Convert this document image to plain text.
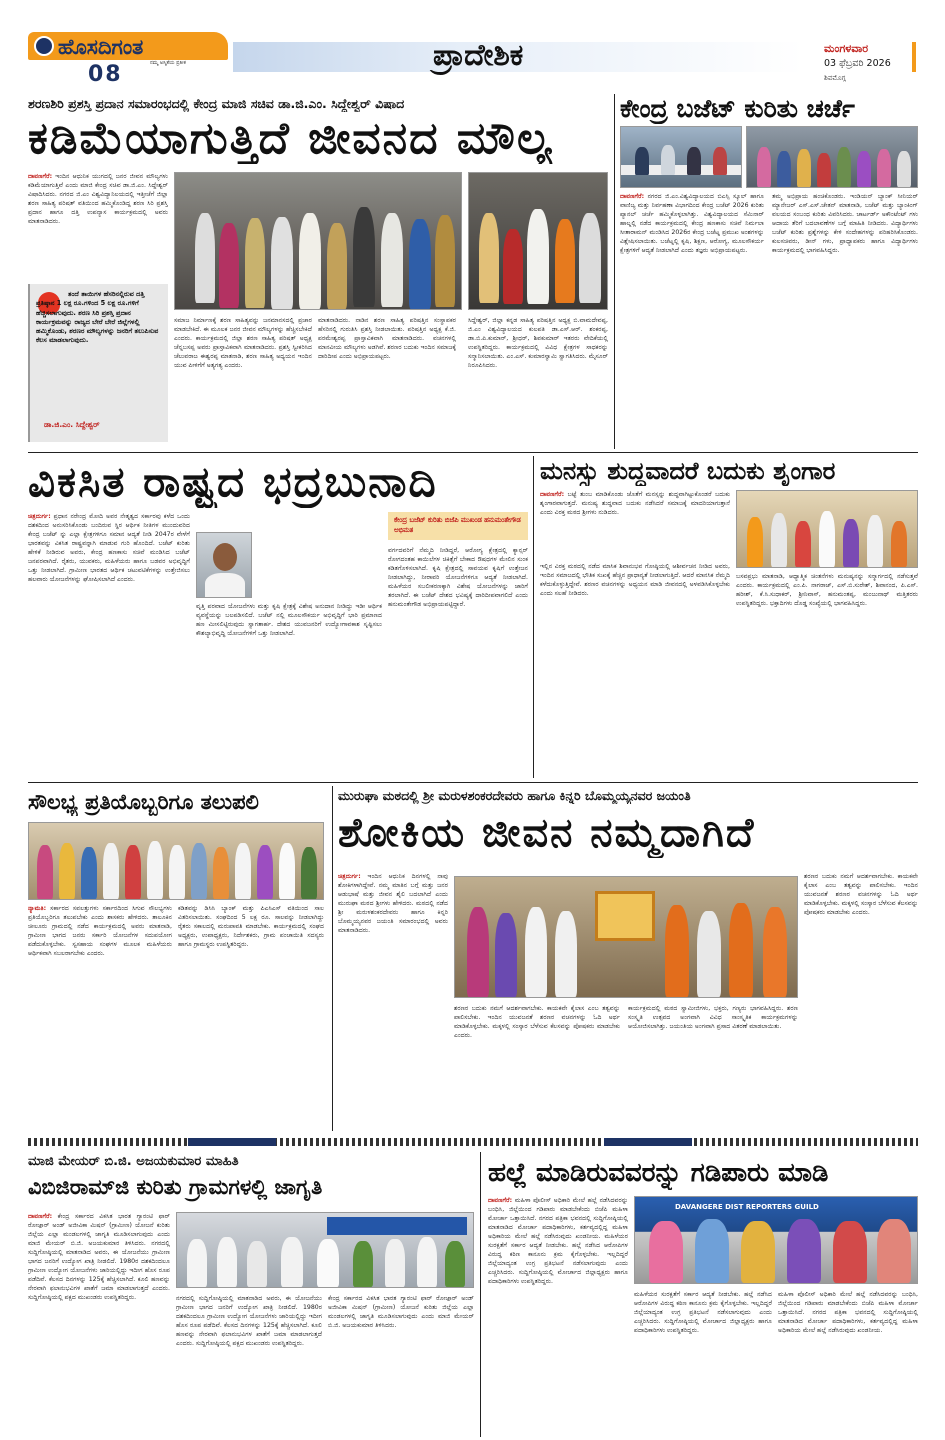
ಹೊಸದಿಗಂತ
ನಮ್ಮ ಅಸ್ಮಿತೆಯ ಪ್ರತೀಕ
08
ಪ್ರಾದೇಶಿಕ	ಮಂಗಳವಾರ
03 ಫೆಬ್ರವರಿ 2026
ಶಿವಮೊಗ್ಗ
ಶರಣಶಿರಿ ಪ್ರಶಸ್ತಿ ಪ್ರದಾನ ಸಮಾರಂಭದಲ್ಲಿ ಕೇಂದ್ರ ಮಾಜಿ ಸಚಿವ ಡಾ.ಜಿ.ಎಂ. ಸಿದ್ದೇಶ್ವರ್ ವಿಷಾದ
ಕಡಿಮೆಯಾಗುತ್ತಿದೆ ಜೀವನದ ಮೌಲ್ಯ
ದಾವಣಗೆರೆ: ಇಂದಿನ ಆಧುನಿಕ ಯುಗದಲ್ಲಿ ಜನರ ಜೀವನ ಮೌಲ್ಯಗಳು ಕಡಿಮೆಯಾಗುತ್ತಿವೆ ಎಂದು ಮಾಜಿ ಕೇಂದ್ರ ಸಚಿವ ಡಾ.ಜಿ.ಎಂ. ಸಿದ್ದೇಶ್ವರ್ ವಿಷಾದಿಸಿದರು. ನಗರದ ಜಿ.ಎಂ ವಿಶ್ವವಿದ್ಯಾನಿಲಯದಲ್ಲಿ ಇತ್ತೀಚೆಗೆ ಜಿಲ್ಲಾ ಶರಣ ಸಾಹಿತ್ಯ ಪರಿಷತ್ ವತಿಯಿಂದ ಹಮ್ಮಿಕೊಂಡಿದ್ದ ಶರಣ ಸಿರಿ ಪ್ರಶಸ್ತಿ ಪ್ರದಾನ ಹಾಗೂ ದತ್ತಿ ಉಪನ್ಯಾಸ ಕಾರ್ಯಕ್ರಮದಲ್ಲಿ ಅವರು ಮಾತನಾಡಿದರು.
ತಂದೆ ತಾಯಿಗಳ ಹೆಸರಿನಲ್ಲಿರುವ ದತ್ತಿ ಪ್ರತಿಷ್ಠಾನ 1 ಲಕ್ಷ ರೂ.ಗಳಿಂದ 5 ಲಕ್ಷ ರೂ.ಗಳಿಗೆ ಹೆಚ್ಚಿಸಲಾಗುವುದು. ಶರಣ ಸಿರಿ ಪ್ರಶಸ್ತಿ ಪ್ರದಾನ ಕಾರ್ಯಕ್ರಮವನ್ನು ರಾಜ್ಯದ ಬೇರೆ ಬೇರೆ ಜಿಲ್ಲೆಗಳಲ್ಲಿ ಹಮ್ಮಿಕೊಂಡು, ಶರಣರ ಮೌಲ್ಯಗಳನ್ನು ಜನರಿಗೆ ತಲುಪಿಸುವ ಕೆಲಸ ಮಾಡಲಾಗುವುದು.
ಡಾ.ಜಿ.ಎಂ. ಸಿದ್ದೇಶ್ವರ್
ಸಮಾಜ ನಿರ್ಮಾಣಕ್ಕೆ ಶರಣ ಸಾಹಿತ್ಯವನ್ನು ಜನಮಾನಸದಲ್ಲಿ ಪ್ರಚಾರ ಮಾಡಬೇಕಿದೆ. ಈ ಮೂಲಕ ಜನರ ಜೀವನ ಮೌಲ್ಯಗಳನ್ನು ಹೆಚ್ಚಿಸಬೇಕಿದೆ ಎಂದರು. ಕಾರ್ಯಕ್ರಮದಲ್ಲಿ ಜಿಲ್ಲಾ ಶರಣ ಸಾಹಿತ್ಯ ಪರಿಷತ್ ಅಧ್ಯಕ್ಷ ಚೆನ್ನಬಸಪ್ಪ ಅವರು ಪ್ರಾಸ್ತಾವಿಕವಾಗಿ ಮಾತನಾಡಿದರು. ಪ್ರಶಸ್ತಿ ಸ್ವೀಕರಿಸಿದ ಚೆಲುವರಾಜ ಈಶ್ವರಪ್ಪ ಮಾತನಾಡಿ, ಶರಣ ಸಾಹಿತ್ಯ ಅಧ್ಯಯನ ಇಂದಿನ ಯುವ ಪೀಳಿಗೆಗೆ ಅತ್ಯಗತ್ಯ ಎಂದರು.
ಮಾತನಾಡಿದರು. ನಾಡಿನ ಶರಣ ಸಾಹಿತ್ಯ ಪರಿಷತ್ತಿನ ಸಂಸ್ಥಾಪಕರ ಹೆಸರಿನಲ್ಲಿ ಗುರುತಿಸಿ ಪ್ರಶಸ್ತಿ ನೀಡಲಾಯಿತು. ಪರಿಷತ್ತಿನ ಅಧ್ಯಕ್ಷ ಕೆ.ಜಿ. ಪರಮೇಶ್ವರಪ್ಪ ಪ್ರಾಸ್ತಾವಿಕವಾಗಿ ಮಾತನಾಡಿದರು. ವಚನಗಳಲ್ಲಿ ಮಾನವೀಯ ಮೌಲ್ಯಗಳು ಅಡಗಿವೆ. ಶರಣರ ಬದುಕು ಇಂದಿನ ಸಮಾಜಕ್ಕೆ ದಾರಿದೀಪ ಎಂದು ಅಭಿಪ್ರಾಯಪಟ್ಟರು.
ಸಿದ್ದೇಶ್ವರ್, ಜಿಲ್ಲಾ ಕನ್ನಡ ಸಾಹಿತ್ಯ ಪರಿಷತ್ತಿನ ಅಧ್ಯಕ್ಷ ಬಿ.ವಾಮದೇವಪ್ಪ, ಜಿ.ಎಂ ವಿಶ್ವವಿದ್ಯಾಲಯದ ಕುಲಪತಿ ಡಾ.ಎಸ್.ಆರ್. ಶಂಕರಪ್ಪ, ಡಾ.ಬಿ.ಪಿ.ಕುಮಾರ್, ಶ್ರೀಧರ್, ಶಿವಕುಮಾರ್ ಇತರರು ವೇದಿಕೆಯಲ್ಲಿ ಉಪಸ್ಥಿತರಿದ್ದರು. ಕಾರ್ಯಕ್ರಮದಲ್ಲಿ ವಿವಿಧ ಕ್ಷೇತ್ರಗಳ ಸಾಧಕರನ್ನು ಸನ್ಮಾನಿಸಲಾಯಿತು. ಎಂ.ಎಸ್. ಕುಮಾರಸ್ವಾಮಿ ಸ್ವಾಗತಿಸಿದರು. ಮೈಸೂರ್ ನಿರೂಪಿಸಿದರು.
ಕೇಂದ್ರ ಬಜೆಟ್ ಕುರಿತು ಚರ್ಚೆ
ದಾವಣಗೆರೆ: ನಗರದ ಜಿ.ಎಂ.ವಿಶ್ವವಿದ್ಯಾಲಯದ ಬಿಎಸ್ಸಿ ಸ್ಕೂಲ್ ಹಾಗೂ ವಾಣಿಜ್ಯ ಮತ್ತು ನಿರ್ವಹಣಾ ವಿಭಾಗದಿಂದ ಕೇಂದ್ರ ಬಜೆಟ್ 2026 ಕುರಿತು ಪ್ಯಾನಲ್ ಚರ್ಚೆ ಹಮ್ಮಿಕೊಳ್ಳಲಾಗಿತ್ತು. ವಿಶ್ವವಿದ್ಯಾಲಯದ ಸೆಮಿನಾರ್ ಹಾಲ್ನಲ್ಲಿ ನಡೆದ ಕಾರ್ಯಕ್ರಮದಲ್ಲಿ ಕೇಂದ್ರ ಹಣಕಾಸು ಸಚಿವೆ ನಿರ್ಮಲಾ ಸೀತಾರಾಮನ್ ಮಂಡಿಸಿದ 2026ರ ಕೇಂದ್ರ ಬಜೆಟ್ನ ಪ್ರಮುಖ ಅಂಶಗಳನ್ನು ವಿಶ್ಲೇಷಿಸಲಾಯಿತು. ಬಜೆಟ್ನಲ್ಲಿ ಕೃಷಿ, ಶಿಕ್ಷಣ, ಆರೋಗ್ಯ, ಮೂಲಸೌಕರ್ಯ ಕ್ಷೇತ್ರಗಳಿಗೆ ಆದ್ಯತೆ ನೀಡಲಾಗಿದೆ ಎಂದು ತಜ್ಞರು ಅಭಿಪ್ರಾಯಪಟ್ಟರು.
ತಮ್ಮ ಅಭಿಪ್ರಾಯ ಹಂಚಿಕೊಂಡರು. ಇಂಡಿಯನ್ ಬ್ಯಾಂಕ್ ಸೀನಿಯರ್ ಮ್ಯಾನೇಜರ್ ಎಸ್.ಎಸ್.ಚೇತನ್ ಮಾತನಾಡಿ, ಬಜೆಟ್ ಮತ್ತು ಬ್ಯಾಂಕಿಂಗ್ ವಲಯದ ಸಂಬಂಧ ಕುರಿತು ವಿವರಿಸಿದರು. ಚಾರ್ಟರ್ಡ್ ಅಕೌಂಟೆಂಟ್ ಗಳು ಆದಾಯ ತೆರಿಗೆ ಬದಲಾವಣೆಗಳ ಬಗ್ಗೆ ಮಾಹಿತಿ ನೀಡಿದರು. ವಿದ್ಯಾರ್ಥಿಗಳು ಬಜೆಟ್ ಕುರಿತು ಪ್ರಶ್ನೆಗಳನ್ನು ಕೇಳಿ ಸಂದೇಹಗಳನ್ನು ಪರಿಹರಿಸಿಕೊಂಡರು. ಕುಲಸಚಿವರು, ಡೀನ್ ಗಳು, ಪ್ರಾಧ್ಯಾಪಕರು ಹಾಗೂ ವಿದ್ಯಾರ್ಥಿಗಳು ಕಾರ್ಯಕ್ರಮದಲ್ಲಿ ಭಾಗವಹಿಸಿದ್ದರು.
ವಿಕಸಿತ ರಾಷ್ಟ್ರದ ಭದ್ರಬುನಾದಿ
ಚಿತ್ರದುರ್ಗ: ಪ್ರಧಾನ ನರೇಂದ್ರ ಮೋದಿ ಅವರ ನೇತೃತ್ವದ ಸರ್ಕಾರವು ಕಳೆದ ಒಂದು ದಶಕದಿಂದ ಅನುಸರಿಸಿಕೊಂಡು ಬಂದಿರುವ ಸ್ಥಿರ ಆರ್ಥಿಕ ನೀತಿಗಳ ಮುಂದುವರಿದ ಕೇಂದ್ರ ಬಜೆಟ್ ನ್ನು ಎಲ್ಲಾ ಕ್ಷೇತ್ರಗಳಿಗೂ ಸಮಾನ ಆದ್ಯತೆ ನೀಡಿ 2047ರ ವೇಳೆಗೆ ಭಾರತವನ್ನು ವಿಕಸಿತ ರಾಷ್ಟ್ರವನ್ನಾಗಿ ಮಾಡುವ ಗುರಿ ಹೊಂದಿದೆ. ಬಜೆಟ್ ಕುರಿತು ಹೇಳಿಕೆ ನೀಡಿರುವ ಅವರು, ಕೇಂದ್ರ ಹಣಕಾಸು ಸಚಿವೆ ಮಂಡಿಸಿದ ಬಜೆಟ್ ಜನಪರವಾಗಿದೆ. ರೈತರು, ಯುವಕರು, ಮಹಿಳೆಯರು ಹಾಗೂ ಬಡವರ ಅಭಿವೃದ್ಧಿಗೆ ಒತ್ತು ನೀಡಲಾಗಿದೆ. ಗ್ರಾಮೀಣ ಭಾರತದ ಆರ್ಥಿಕ ಚಟುವಟಿಕೆಗಳನ್ನು ಉತ್ತೇಜಿಸಲು ಹಲವಾರು ಯೋಜನೆಗಳನ್ನು ಘೋಷಿಸಲಾಗಿದೆ ಎಂದರು.
ವೃತ್ತಿ ಪರವಾದ ಯೋಜನೆಗಳು ಮತ್ತು ಕೃಷಿ ಕ್ಷೇತ್ರಕ್ಕೆ ವಿಶೇಷ ಅನುದಾನ ನೀಡಿದ್ದು ಇಡೀ ಆರ್ಥಿಕ ವ್ಯವಸ್ಥೆಯನ್ನು ಬಲಪಡಿಸಲಿದೆ. ಬಜೆಟ್ ನಲ್ಲಿ ಮೂಲಸೌಕರ್ಯ ಅಭಿವೃದ್ಧಿಗೆ ಭಾರಿ ಪ್ರಮಾಣದ ಹಣ ಮೀಸಲಿಟ್ಟಿರುವುದು ಸ್ವಾಗತಾರ್ಹ. ದೇಶದ ಯುವಜನರಿಗೆ ಉದ್ಯೋಗಾವಕಾಶ ಸೃಷ್ಟಿಸಲು ಕೌಶಲ್ಯಾಭಿವೃದ್ಧಿ ಯೋಜನೆಗಳಿಗೆ ಒತ್ತು ನೀಡಲಾಗಿದೆ.
ಕೇಂದ್ರ ಬಜೆಟ್ ಕುರಿತು ಬಿಜೆಪಿ ಮುಖಂಡ ಹನುಮಂತೇಗೌಡ ಅಭಿಮತ
ವರ್ಗದವರಿಗೆ ನೆಮ್ಮದಿ ನೀಡಿದ್ದರೆ, ಆರೋಗ್ಯ ಕ್ಷೇತ್ರದಲ್ಲಿ ಕ್ಯಾನ್ಸರ್ ರೋಗದಂತಹ ಕಾಯಿಲೆಗಳ ಚಿಕಿತ್ಸೆಗೆ ಬೇಕಾದ ಔಷಧಗಳ ಮೇಲಿನ ಸುಂಕ ಕಡಿತಗೊಳಿಸಲಾಗಿದೆ. ಕೃಷಿ ಕ್ಷೇತ್ರದಲ್ಲಿ ಸಾವಯವ ಕೃಷಿಗೆ ಉತ್ತೇಜನ ನೀಡಲಾಗಿದ್ದು, ನೀರಾವರಿ ಯೋಜನೆಗಳಿಗೂ ಆದ್ಯತೆ ನೀಡಲಾಗಿದೆ. ಮಹಿಳೆಯರ ಸಬಲೀಕರಣಕ್ಕಾಗಿ ವಿಶೇಷ ಯೋಜನೆಗಳನ್ನು ಜಾರಿಗೆ ತರಲಾಗಿದೆ. ಈ ಬಜೆಟ್ ದೇಶದ ಭವಿಷ್ಯಕ್ಕೆ ದಾರಿದೀಪವಾಗಲಿದೆ ಎಂದು ಹನುಮಂತೇಗೌಡ ಅಭಿಪ್ರಾಯಪಟ್ಟಿದ್ದಾರೆ.
ಮನಸ್ಸು ಶುದ್ಧವಾದರೆ ಬದುಕು ಶೃಂಗಾರ
ದಾವಣಗೆರೆ: ಬಟ್ಟೆ ತುಂಬ ಮಾಡಿಕೊಂಡು ಜೊತೆಗೆ ಮನಸ್ಸನ್ನು ಶುದ್ಧವಾಗಿಟ್ಟುಕೊಂಡರೆ ಬದುಕು ಶೃಂಗಾರವಾಗುತ್ತದೆ. ಮನುಷ್ಯ ಶುದ್ಧವಾದ ಬದುಕು ನಡೆಸಿದರೆ ಸಮಾಜಕ್ಕೆ ಮಾದರಿಯಾಗುತ್ತಾನೆ ಎಂದು ವಿರಕ್ತ ಮಠದ ಶ್ರೀಗಳು ನುಡಿದರು.
ಇಲ್ಲಿನ ವಿರಕ್ತ ಮಠದಲ್ಲಿ ನಡೆದ ಮಾಸಿಕ ಶಿವಾನುಭವ ಗೋಷ್ಠಿಯಲ್ಲಿ ಆಶೀರ್ವಚನ ನೀಡಿದ ಅವರು, ಇಂದಿನ ಸಮಾಜದಲ್ಲಿ ಭೌತಿಕ ಸುಖಕ್ಕೆ ಹೆಚ್ಚಿನ ಪ್ರಾಧಾನ್ಯತೆ ನೀಡಲಾಗುತ್ತಿದೆ. ಆದರೆ ಮಾನಸಿಕ ನೆಮ್ಮದಿ ಕಳೆದುಕೊಳ್ಳುತ್ತಿದ್ದೇವೆ. ಶರಣರ ವಚನಗಳನ್ನು ಅಧ್ಯಯನ ಮಾಡಿ ಜೀವನದಲ್ಲಿ ಅಳವಡಿಸಿಕೊಳ್ಳಬೇಕು ಎಂದು ಸಲಹೆ ನೀಡಿದರು.
ಬಸವಪ್ರಭು ಮಾತನಾಡಿ, ಆಧ್ಯಾತ್ಮಿಕ ಚಿಂತನೆಗಳು ಮನುಷ್ಯನನ್ನು ಸನ್ಮಾರ್ಗದಲ್ಲಿ ನಡೆಸುತ್ತವೆ ಎಂದರು. ಕಾರ್ಯಕ್ರಮದಲ್ಲಿ ಎಂ.ಪಿ. ನಾಗರಾಜ್, ಎಸ್.ಬಿ.ಸುರೇಶ್, ಶಿವಾನಂದ, ಪಿ.ಎಸ್. ಹರೀಶ್, ಕೆ.ಸಿ.ಸುಧಾಕರ್, ಶ್ರೀನಿವಾಸ್, ಹನುಮಂತಪ್ಪ, ಮಂಜುನಾಥ್ ಮತ್ತಿತರರು ಉಪಸ್ಥಿತರಿದ್ದರು. ಭಕ್ತಾದಿಗಳು ದೊಡ್ಡ ಸಂಖ್ಯೆಯಲ್ಲಿ ಭಾಗವಹಿಸಿದ್ದರು.
ಸೌಲಭ್ಯ ಪ್ರತಿಯೊಬ್ಬರಿಗೂ ತಲುಪಲಿ
ನ್ಯಾಮತಿ: ಸರ್ಕಾರದ ಸವಲತ್ತುಗಳು ಸರ್ಕಾರದಿಂದ ಸಿಗುವ ಸೌಲಭ್ಯಗಳು ಪ್ರತಿಯೊಬ್ಬರಿಗೂ ತಲುಪಬೇಕು ಎಂದು ಶಾಸಕರು ಹೇಳಿದರು. ತಾಲೂಕಿನ ಚೀಲೂರು ಗ್ರಾಮದಲ್ಲಿ ನಡೆದ ಕಾರ್ಯಕ್ರಮದಲ್ಲಿ ಅವರು ಮಾತನಾಡಿ, ಗ್ರಾಮೀಣ ಭಾಗದ ಜನರು ಸರ್ಕಾರಿ ಯೋಜನೆಗಳ ಸದುಪಯೋಗ ಪಡೆದುಕೊಳ್ಳಬೇಕು. ಸ್ವಸಹಾಯ ಸಂಘಗಳ ಮೂಲಕ ಮಹಿಳೆಯರು ಆರ್ಥಿಕವಾಗಿ ಸಬಲರಾಗಬೇಕು ಎಂದರು.
ಕಡಿತವನ್ನು ಡಿಸಿಸಿ ಬ್ಯಾಂಕ್ ಮತ್ತು ಪಿಎಸಿಎಸ್ ವತಿಯಿಂದ ಸಾಲ ವಿತರಿಸಲಾಯಿತು. ಸಂಘದಿಂದ 5 ಲಕ್ಷ ರೂ. ಸಾಲವನ್ನು ನೀಡಲಾಗಿದ್ದು ರೈತರು ಸಕಾಲದಲ್ಲಿ ಮರುಪಾವತಿ ಮಾಡಬೇಕು. ಕಾರ್ಯಕ್ರಮದಲ್ಲಿ ಸಂಘದ ಅಧ್ಯಕ್ಷರು, ಉಪಾಧ್ಯಕ್ಷರು, ನಿರ್ದೇಶಕರು, ಗ್ರಾಮ ಪಂಚಾಯಿತಿ ಸದಸ್ಯರು ಹಾಗೂ ಗ್ರಾಮಸ್ಥರು ಉಪಸ್ಥಿತರಿದ್ದರು.
ಮುರುಘಾ ಮಠದಲ್ಲಿ ಶ್ರೀ ಮರುಳಶಂಕರದೇವರು ಹಾಗೂ ಕಿನ್ನರಿ ಬೊಮ್ಮಯ್ಯನವರ ಜಯಂತಿ
ಶೋಕಿಯ ಜೀವನ ನಮ್ಮದಾಗಿದೆ
ಚಿತ್ರದುರ್ಗ: ಇಂದಿನ ಆಧುನಿಕ ದಿನಗಳಲ್ಲಿ ನಾವು ಶೋಕಿಗಳಾಗಿದ್ದೇವೆ. ನಮ್ಮ ಮಾತಿನ ಬಗ್ಗೆ ಮತ್ತು ಜನರ ಆಡುಭಾಷೆ ಮತ್ತು ಜೀವನ ಶೈಲಿ ಬದಲಾಗಿದೆ ಎಂದು ಮುರುಘಾ ಮಠದ ಶ್ರೀಗಳು ಹೇಳಿದರು. ಮಠದಲ್ಲಿ ನಡೆದ ಶ್ರೀ ಮರುಳಶಂಕರದೇವರು ಹಾಗೂ ಕಿನ್ನರಿ ಬೊಮ್ಮಯ್ಯನವರ ಜಯಂತಿ ಸಮಾರಂಭದಲ್ಲಿ ಅವರು ಮಾತನಾಡಿದರು.
ಶರಣರ ಬದುಕು ನಮಗೆ ಆದರ್ಶವಾಗಬೇಕು. ಕಾಯಕವೇ ಕೈಲಾಸ ಎಂಬ ತತ್ವವನ್ನು ಪಾಲಿಸಬೇಕು. ಇಂದಿನ ಯುವಜನತೆ ಶರಣರ ವಚನಗಳನ್ನು ಓದಿ ಅರ್ಥ ಮಾಡಿಕೊಳ್ಳಬೇಕು. ಮಕ್ಕಳಲ್ಲಿ ಸಂಸ್ಕಾರ ಬೆಳೆಸುವ ಕೆಲಸವನ್ನು ಪೋಷಕರು ಮಾಡಬೇಕು ಎಂದರು.
ಕಾರ್ಯಕ್ರಮದಲ್ಲಿ ಮಠದ ಸ್ವಾಮೀಜಿಗಳು, ಭಕ್ತರು, ಗಣ್ಯರು ಭಾಗವಹಿಸಿದ್ದರು. ಶರಣ ಸಂಸ್ಕೃತಿ ಉತ್ಸವದ ಅಂಗವಾಗಿ ವಿವಿಧ ಸಾಂಸ್ಕೃತಿಕ ಕಾರ್ಯಕ್ರಮಗಳನ್ನು ಆಯೋಜಿಸಲಾಗಿತ್ತು. ಜಯಂತಿಯ ಅಂಗವಾಗಿ ಪ್ರಸಾದ ವಿತರಣೆ ಮಾಡಲಾಯಿತು.
ಶರಣರ ಬದುಕು ನಮಗೆ ಆದರ್ಶವಾಗಬೇಕು. ಕಾಯಕವೇ ಕೈಲಾಸ ಎಂಬ ತತ್ವವನ್ನು ಪಾಲಿಸಬೇಕು. ಇಂದಿನ ಯುವಜನತೆ ಶರಣರ ವಚನಗಳನ್ನು ಓದಿ ಅರ್ಥ ಮಾಡಿಕೊಳ್ಳಬೇಕು. ಮಕ್ಕಳಲ್ಲಿ ಸಂಸ್ಕಾರ ಬೆಳೆಸುವ ಕೆಲಸವನ್ನು ಪೋಷಕರು ಮಾಡಬೇಕು ಎಂದರು.
ಮಾಜಿ ಮೇಯರ್ ಬಿ.ಜಿ. ಅಜಯಕುಮಾರ ಮಾಹಿತಿ
ವಿಬಿಜಿರಾಮ್‌ಜಿ ಕುರಿತು ಗ್ರಾಮಗಳಲ್ಲಿ ಜಾಗೃತಿ
ದಾವಣಗೆರೆ: ಕೇಂದ್ರ ಸರ್ಕಾರದ ವಿಕಸಿತ ಭಾರತ ಗ್ಯಾರಂಟಿ ಫಾರ್ ರೋಜ್ಗಾರ್ ಅಂಡ್ ಅಜೀವಿಕಾ ಮಿಷನ್ (ಗ್ರಾಮೀಣ) ಯೋಜನೆ ಕುರಿತು ಜಿಲ್ಲೆಯ ಎಲ್ಲಾ ಮಂಡಲಗಳಲ್ಲಿ ಜಾಗೃತಿ ಮೂಡಿಸಲಾಗುವುದು ಎಂದು ಮಾಜಿ ಮೇಯರ್ ಬಿ.ಜಿ. ಅಜಯಕುಮಾರ ತಿಳಿಸಿದರು. ನಗರದಲ್ಲಿ ಸುದ್ದಿಗೋಷ್ಠಿಯಲ್ಲಿ ಮಾತನಾಡಿದ ಅವರು, ಈ ಯೋಜನೆಯು ಗ್ರಾಮೀಣ ಭಾಗದ ಜನರಿಗೆ ಉದ್ಯೋಗ ಖಾತ್ರಿ ನೀಡಲಿದೆ. 1980ರ ದಶಕದಿಂದಲೂ ಗ್ರಾಮೀಣ ಉದ್ಯೋಗ ಯೋಜನೆಗಳು ಜಾರಿಯಲ್ಲಿದ್ದು ಇದೀಗ ಹೊಸ ರೂಪ ಪಡೆದಿವೆ. ಕೆಲಸದ ದಿನಗಳನ್ನು 125ಕ್ಕೆ ಹೆಚ್ಚಿಸಲಾಗಿದೆ. ಕೂಲಿ ಹಣವನ್ನು ನೇರವಾಗಿ ಫಲಾನುಭವಿಗಳ ಖಾತೆಗೆ ಜಮಾ ಮಾಡಲಾಗುತ್ತದೆ ಎಂದರು. ಸುದ್ದಿಗೋಷ್ಠಿಯಲ್ಲಿ ಪಕ್ಷದ ಮುಖಂಡರು ಉಪಸ್ಥಿತರಿದ್ದರು.	ನಗರದಲ್ಲಿ ಸುದ್ದಿಗೋಷ್ಠಿಯಲ್ಲಿ ಮಾತನಾಡಿದ ಅವರು, ಈ ಯೋಜನೆಯು ಗ್ರಾಮೀಣ ಭಾಗದ ಜನರಿಗೆ ಉದ್ಯೋಗ ಖಾತ್ರಿ ನೀಡಲಿದೆ. 1980ರ ದಶಕದಿಂದಲೂ ಗ್ರಾಮೀಣ ಉದ್ಯೋಗ ಯೋಜನೆಗಳು ಜಾರಿಯಲ್ಲಿದ್ದು ಇದೀಗ ಹೊಸ ರೂಪ ಪಡೆದಿವೆ. ಕೆಲಸದ ದಿನಗಳನ್ನು 125ಕ್ಕೆ ಹೆಚ್ಚಿಸಲಾಗಿದೆ. ಕೂಲಿ ಹಣವನ್ನು ನೇರವಾಗಿ ಫಲಾನುಭವಿಗಳ ಖಾತೆಗೆ ಜಮಾ ಮಾಡಲಾಗುತ್ತದೆ ಎಂದರು. ಸುದ್ದಿಗೋಷ್ಠಿಯಲ್ಲಿ ಪಕ್ಷದ ಮುಖಂಡರು ಉಪಸ್ಥಿತರಿದ್ದರು.
ಕೇಂದ್ರ ಸರ್ಕಾರದ ವಿಕಸಿತ ಭಾರತ ಗ್ಯಾರಂಟಿ ಫಾರ್ ರೋಜ್ಗಾರ್ ಅಂಡ್ ಅಜೀವಿಕಾ ಮಿಷನ್ (ಗ್ರಾಮೀಣ) ಯೋಜನೆ ಕುರಿತು ಜಿಲ್ಲೆಯ ಎಲ್ಲಾ ಮಂಡಲಗಳಲ್ಲಿ ಜಾಗೃತಿ ಮೂಡಿಸಲಾಗುವುದು ಎಂದು ಮಾಜಿ ಮೇಯರ್ ಬಿ.ಜಿ. ಅಜಯಕುಮಾರ ತಿಳಿಸಿದರು.
ಹಲ್ಲೆ ಮಾಡಿರುವವರನ್ನು ಗಡಿಪಾರು ಮಾಡಿ
ದಾವಣಗೆರೆ: ಮಹಿಳಾ ಪೊಲೀಸ್ ಅಧಿಕಾರಿ ಮೇಲೆ ಹಲ್ಲೆ ನಡೆಸಿದವರನ್ನು ಬಂಧಿಸಿ, ಜಿಲ್ಲೆಯಿಂದ ಗಡಿಪಾರು ಮಾಡಬೇಕೆಂದು ಬಿಜೆಪಿ ಮಹಿಳಾ ಮೋರ್ಚಾ ಒತ್ತಾಯಿಸಿದೆ. ನಗರದ ಪತ್ರಿಕಾ ಭವನದಲ್ಲಿ ಸುದ್ದಿಗೋಷ್ಠಿಯಲ್ಲಿ ಮಾತನಾಡಿದ ಮೋರ್ಚಾ ಪದಾಧಿಕಾರಿಗಳು, ಕರ್ತವ್ಯದಲ್ಲಿದ್ದ ಮಹಿಳಾ ಅಧಿಕಾರಿಯ ಮೇಲೆ ಹಲ್ಲೆ ನಡೆಸಿರುವುದು ಖಂಡನೀಯ. ಮಹಿಳೆಯರ ಸುರಕ್ಷತೆಗೆ ಸರ್ಕಾರ ಆದ್ಯತೆ ನೀಡಬೇಕು. ಹಲ್ಲೆ ನಡೆಸಿದ ಆರೋಪಿಗಳ ವಿರುದ್ಧ ಕಠಿಣ ಕಾನೂನು ಕ್ರಮ ಕೈಗೊಳ್ಳಬೇಕು. ಇಲ್ಲದಿದ್ದರೆ ಜಿಲ್ಲೆಯಾದ್ಯಂತ ಉಗ್ರ ಪ್ರತಿಭಟನೆ ನಡೆಸಲಾಗುವುದು ಎಂದು ಎಚ್ಚರಿಸಿದರು. ಸುದ್ದಿಗೋಷ್ಠಿಯಲ್ಲಿ ಮೋರ್ಚಾದ ಜಿಲ್ಲಾಧ್ಯಕ್ಷರು ಹಾಗೂ ಪದಾಧಿಕಾರಿಗಳು ಉಪಸ್ಥಿತರಿದ್ದರು.
DAVANGERE DIST REPORTERS GUILD
ಮಹಿಳೆಯರ ಸುರಕ್ಷತೆಗೆ ಸರ್ಕಾರ ಆದ್ಯತೆ ನೀಡಬೇಕು. ಹಲ್ಲೆ ನಡೆಸಿದ ಆರೋಪಿಗಳ ವಿರುದ್ಧ ಕಠಿಣ ಕಾನೂನು ಕ್ರಮ ಕೈಗೊಳ್ಳಬೇಕು. ಇಲ್ಲದಿದ್ದರೆ ಜಿಲ್ಲೆಯಾದ್ಯಂತ ಉಗ್ರ ಪ್ರತಿಭಟನೆ ನಡೆಸಲಾಗುವುದು ಎಂದು ಎಚ್ಚರಿಸಿದರು. ಸುದ್ದಿಗೋಷ್ಠಿಯಲ್ಲಿ ಮೋರ್ಚಾದ ಜಿಲ್ಲಾಧ್ಯಕ್ಷರು ಹಾಗೂ ಪದಾಧಿಕಾರಿಗಳು ಉಪಸ್ಥಿತರಿದ್ದರು.
ಮಹಿಳಾ ಪೊಲೀಸ್ ಅಧಿಕಾರಿ ಮೇಲೆ ಹಲ್ಲೆ ನಡೆಸಿದವರನ್ನು ಬಂಧಿಸಿ, ಜಿಲ್ಲೆಯಿಂದ ಗಡಿಪಾರು ಮಾಡಬೇಕೆಂದು ಬಿಜೆಪಿ ಮಹಿಳಾ ಮೋರ್ಚಾ ಒತ್ತಾಯಿಸಿದೆ. ನಗರದ ಪತ್ರಿಕಾ ಭವನದಲ್ಲಿ ಸುದ್ದಿಗೋಷ್ಠಿಯಲ್ಲಿ ಮಾತನಾಡಿದ ಮೋರ್ಚಾ ಪದಾಧಿಕಾರಿಗಳು, ಕರ್ತವ್ಯದಲ್ಲಿದ್ದ ಮಹಿಳಾ ಅಧಿಕಾರಿಯ ಮೇಲೆ ಹಲ್ಲೆ ನಡೆಸಿರುವುದು ಖಂಡನೀಯ.
